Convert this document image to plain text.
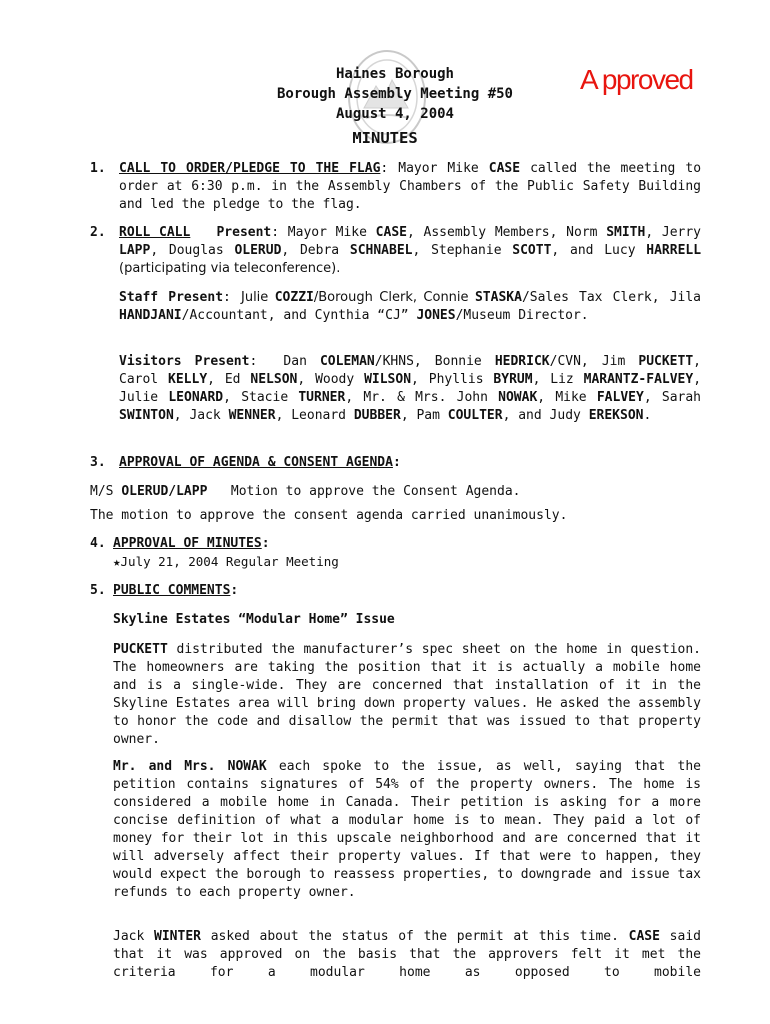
Haines Borough
Borough Assembly Meeting #50
August 4, 2004
MINUTES
A pproved
1. CALL TO ORDER/PLEDGE TO THE FLAG: Mayor Mike CASE called the meeting to order at 6:30 p.m. in the Assembly Chambers of the Public Safety Building and led the pledge to the flag.
2. ROLL CALL Present: Mayor Mike CASE, Assembly Members, Norm SMITH, Jerry LAPP, Douglas OLERUD, Debra SCHNABEL, Stephanie SCOTT, and Lucy HARRELL (participating via teleconference).
Staff Present: Julie COZZI/Borough Clerk, Connie STASKA/Sales Tax Clerk, Jila HANDJANI/Accountant, and Cynthia “CJ” JONES/Museum Director.
Visitors Present:  Dan COLEMAN/KHNS, Bonnie HEDRICK/CVN, Jim PUCKETT, Carol KELLY, Ed NELSON, Woody WILSON, Phyllis BYRUM, Liz MARANTZ-FALVEY, Julie LEONARD, Stacie TURNER, Mr. & Mrs. John NOWAK, Mike FALVEY, Sarah SWINTON, Jack WENNER, Leonard DUBBER, Pam COULTER, and Judy EREKSON.
3. APPROVAL OF AGENDA & CONSENT AGENDA:
M/S OLERUD/LAPP Motion to approve the Consent Agenda.
The motion to approve the consent agenda carried unanimously.
4. APPROVAL OF MINUTES:
★July 21, 2004 Regular Meeting
5. PUBLIC COMMENTS:
Skyline Estates “Modular Home” Issue
PUCKETT distributed the manufacturer’s spec sheet on the home in question. The homeowners are taking the position that it is actually a mobile home and is a single-wide. They are concerned that installation of it in the Skyline Estates area will bring down property values. He asked the assembly to honor the code and disallow the permit that was issued to that property owner.
Mr. and Mrs. NOWAK each spoke to the issue, as well, saying that the petition contains signatures of 54% of the property owners. The home is considered a mobile home in Canada. Their petition is asking for a more concise definition of what a modular home is to mean. They paid a lot of money for their lot in this upscale neighborhood and are concerned that it will adversely affect their property values. If that were to happen, they would expect the borough to reassess properties, to downgrade and issue tax refunds to each property owner.
Jack WINTER asked about the status of the permit at this time. CASE said that it was approved on the basis that the approvers felt it met the criteria for a modular home as opposed to mobile
